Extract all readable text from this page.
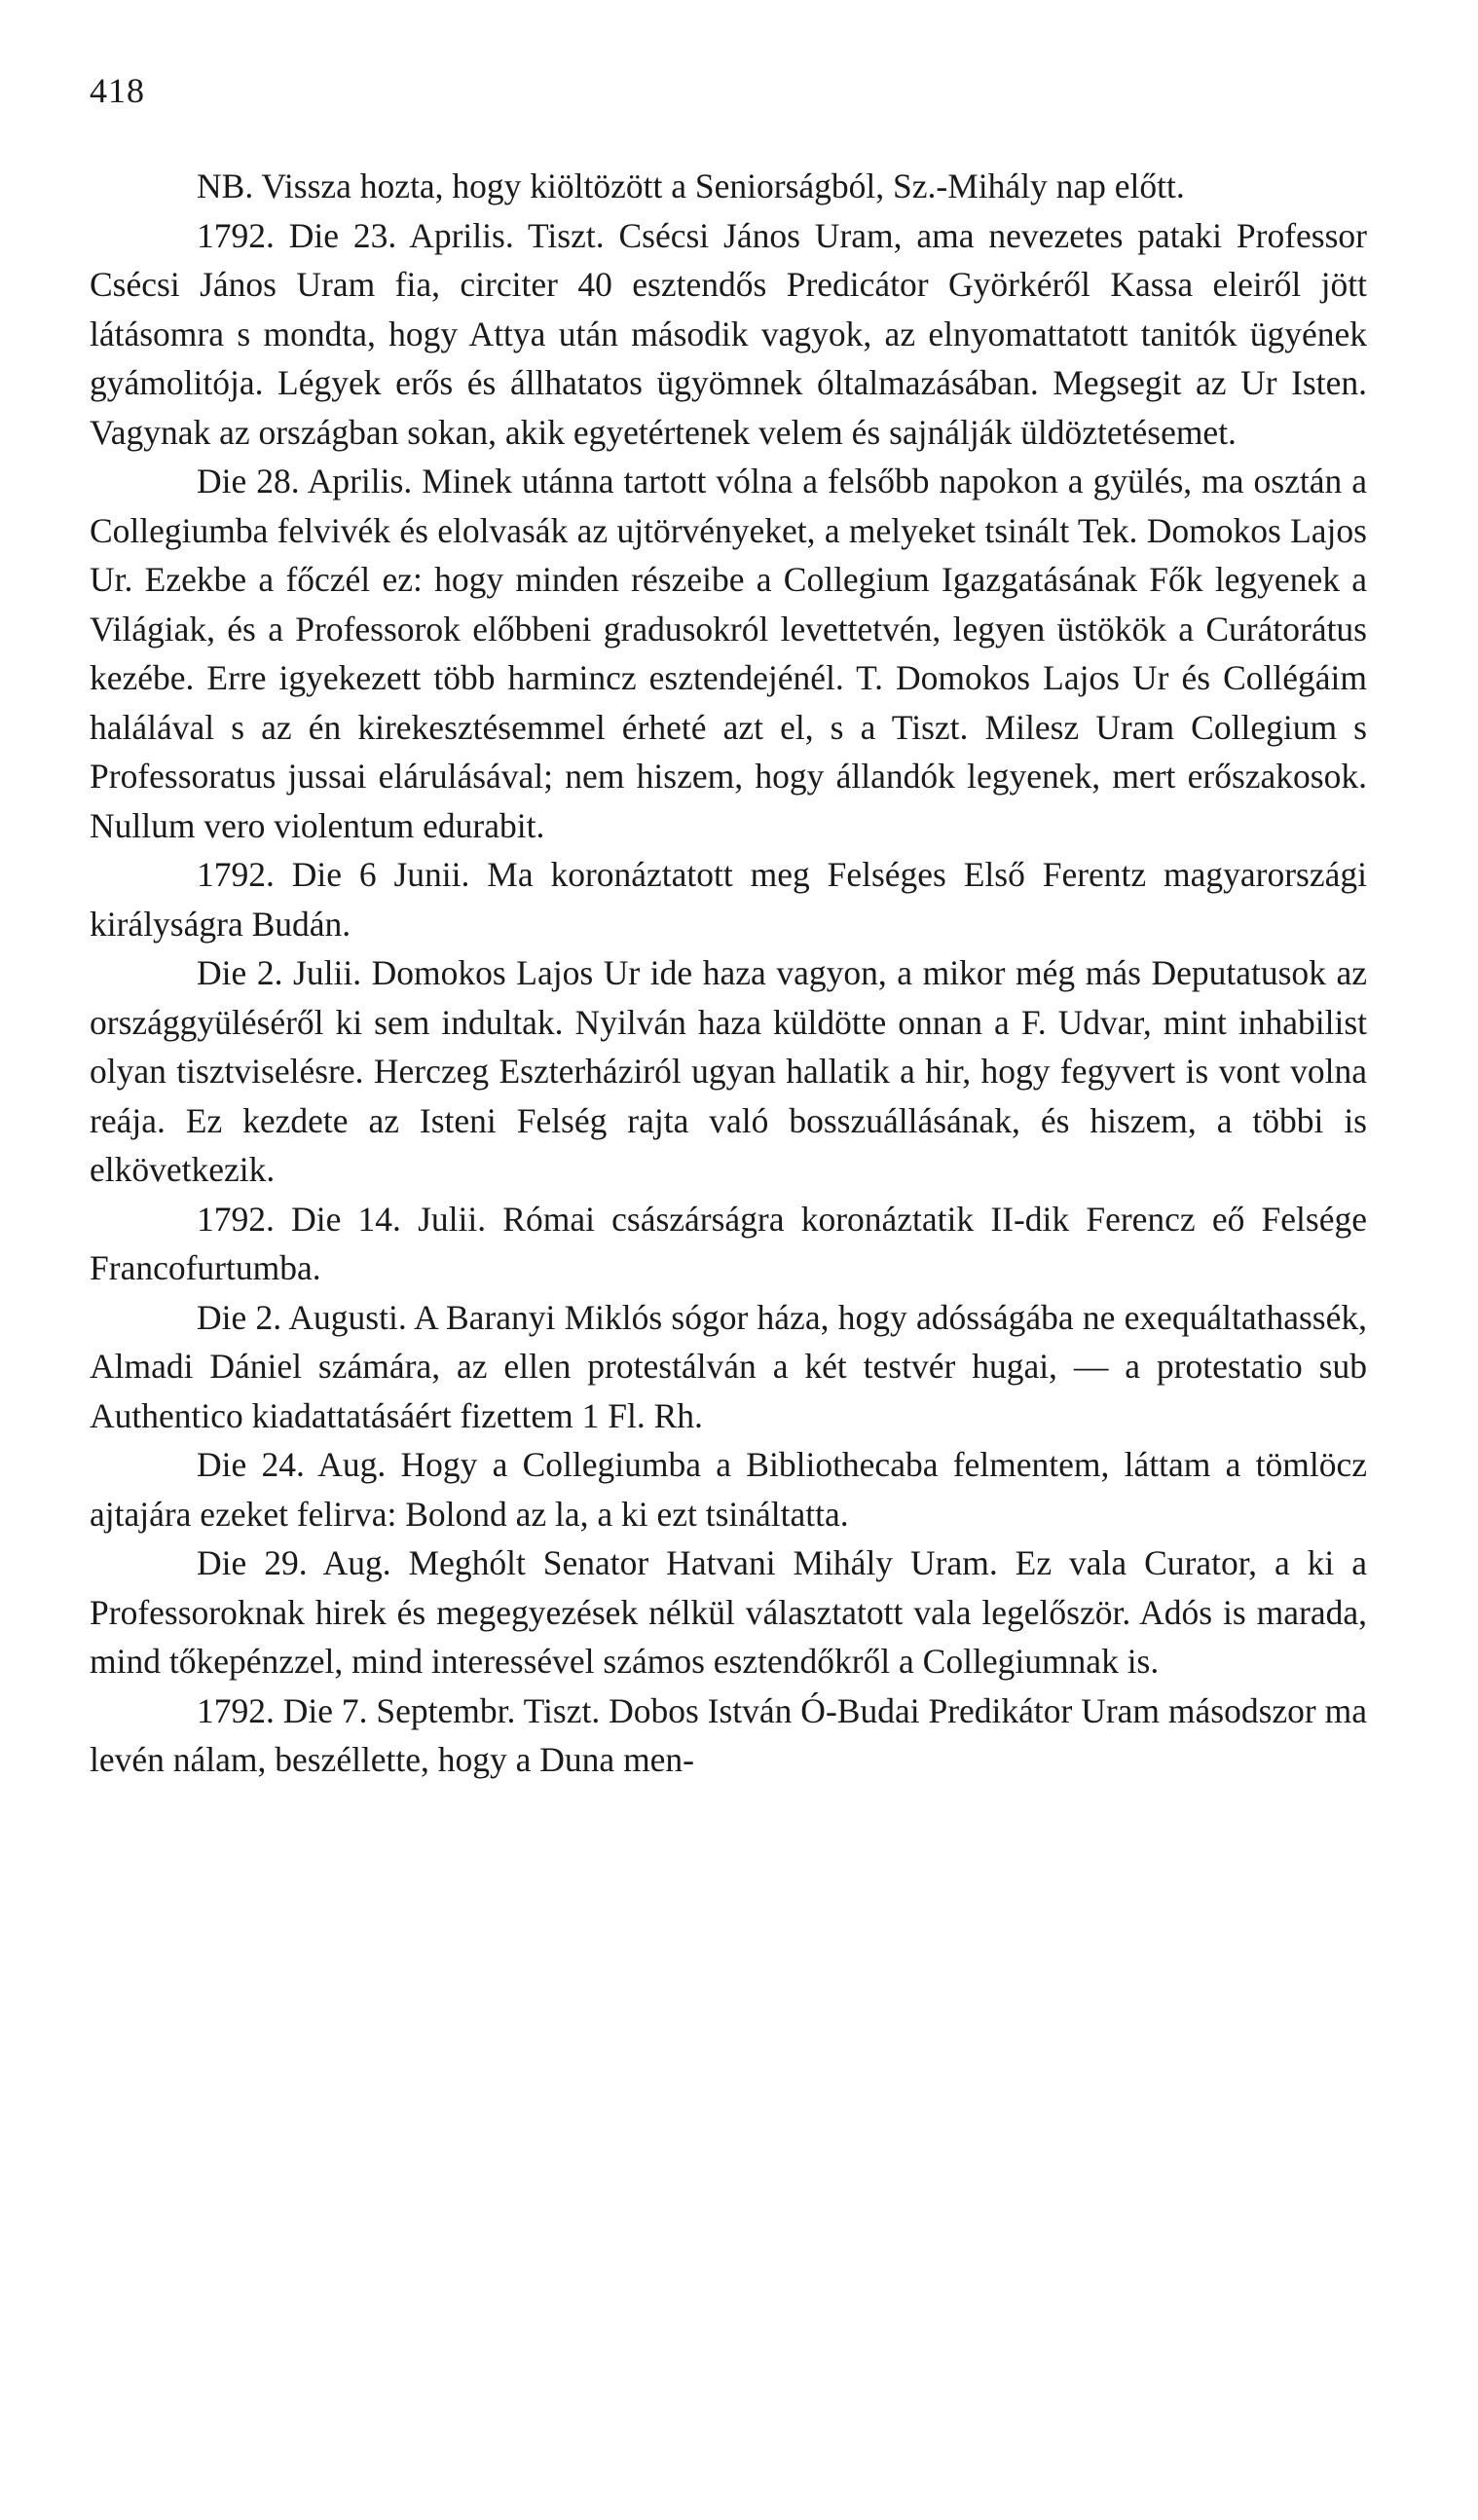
418

NB. Vissza hozta, hogy kiöltözött a Seniorságból, Sz.-Mihály nap előtt.

1792. Die 23. Aprilis. Tiszt. Csécsi János Uram, ama nevezetes pataki Professor Csécsi János Uram fia, circiter 40 esztendős Predicátor Györkéről Kassa eleiről jött látásomra s mondta, hogy Attya után második vagyok, az elnyomattatott tanitók ügyének gyámolitója. Légyek erős és állhatatos ügyömnek óltalmazásában. Megsegit az Ur Isten. Vagynak az országban sokan, akik egyetértenek velem és sajnálják üldöztetésemet.

Die 28. Aprilis. Minek utánna tartott vólna a felsőbb napokon a gyülés, ma osztán a Collegiumba felvivék és elolvasák az ujtörvényeket, a melyeket tsinált Tek. Domokos Lajos Ur. Ezekbe a főczél ez: hogy minden részeibe a Collegium Igazgatásának Fők legyenek a Világiak, és a Professorok előbbeni gradusokról levettetvén, legyen üstökök a Curátorátus kezébe. Erre igyekezett több harmincz esztendejénél. T. Domokos Lajos Ur és Collégáim halálával s az én kirekesztésemmel érheté azt el, s a Tiszt. Milesz Uram Collegium s Professoratus jussai elárulásával; nem hiszem, hogy állandók legyenek, mert erőszakosok. Nullum vero violentum edurabit.

1792. Die 6 Junii. Ma koronáztatott meg Felséges Első Ferentz magyarországi királyságra Budán.

Die 2. Julii. Domokos Lajos Ur ide haza vagyon, a mikor még más Deputatusok az országgyüléséről ki sem indultak. Nyilván haza küldötte onnan a F. Udvar, mint inhabilist olyan tisztviselésre. Herczeg Eszterháziról ugyan hallatik a hir, hogy fegyvert is vont volna reája. Ez kezdete az Isteni Felség rajta való bosszuállásának, és hiszem, a többi is elkövetkezik.

1792. Die 14. Julii. Római császárságra koronáztatik II-dik Ferencz eő Felsége Francofurtumba.

Die 2. Augusti. A Baranyi Miklós sógor háza, hogy adósságába ne exequáltathassék, Almadi Dániel számára, az ellen protestálván a két testvér hugai, — a protestatio sub Authentico kiadattatásáért fizettem 1 Fl. Rh.

Die 24. Aug. Hogy a Collegiumba a Bibliothecaba felmentem, láttam a tömlöcz ajtajára ezeket felirva: Bolond az la, a ki ezt tsináltatta.

Die 29. Aug. Meghólt Senator Hatvani Mihály Uram. Ez vala Curator, a ki a Professoroknak hirek és megegyezések nélkül választatott vala legelőször. Adós is marada, mind tőkepénzzel, mind interessével számos esztendőkről a Collegiumnak is.

1792. Die 7. Septembr. Tiszt. Dobos István Ó-Budai Predikátor Uram másodszor ma levén nálam, beszéllette, hogy a Duna men-
